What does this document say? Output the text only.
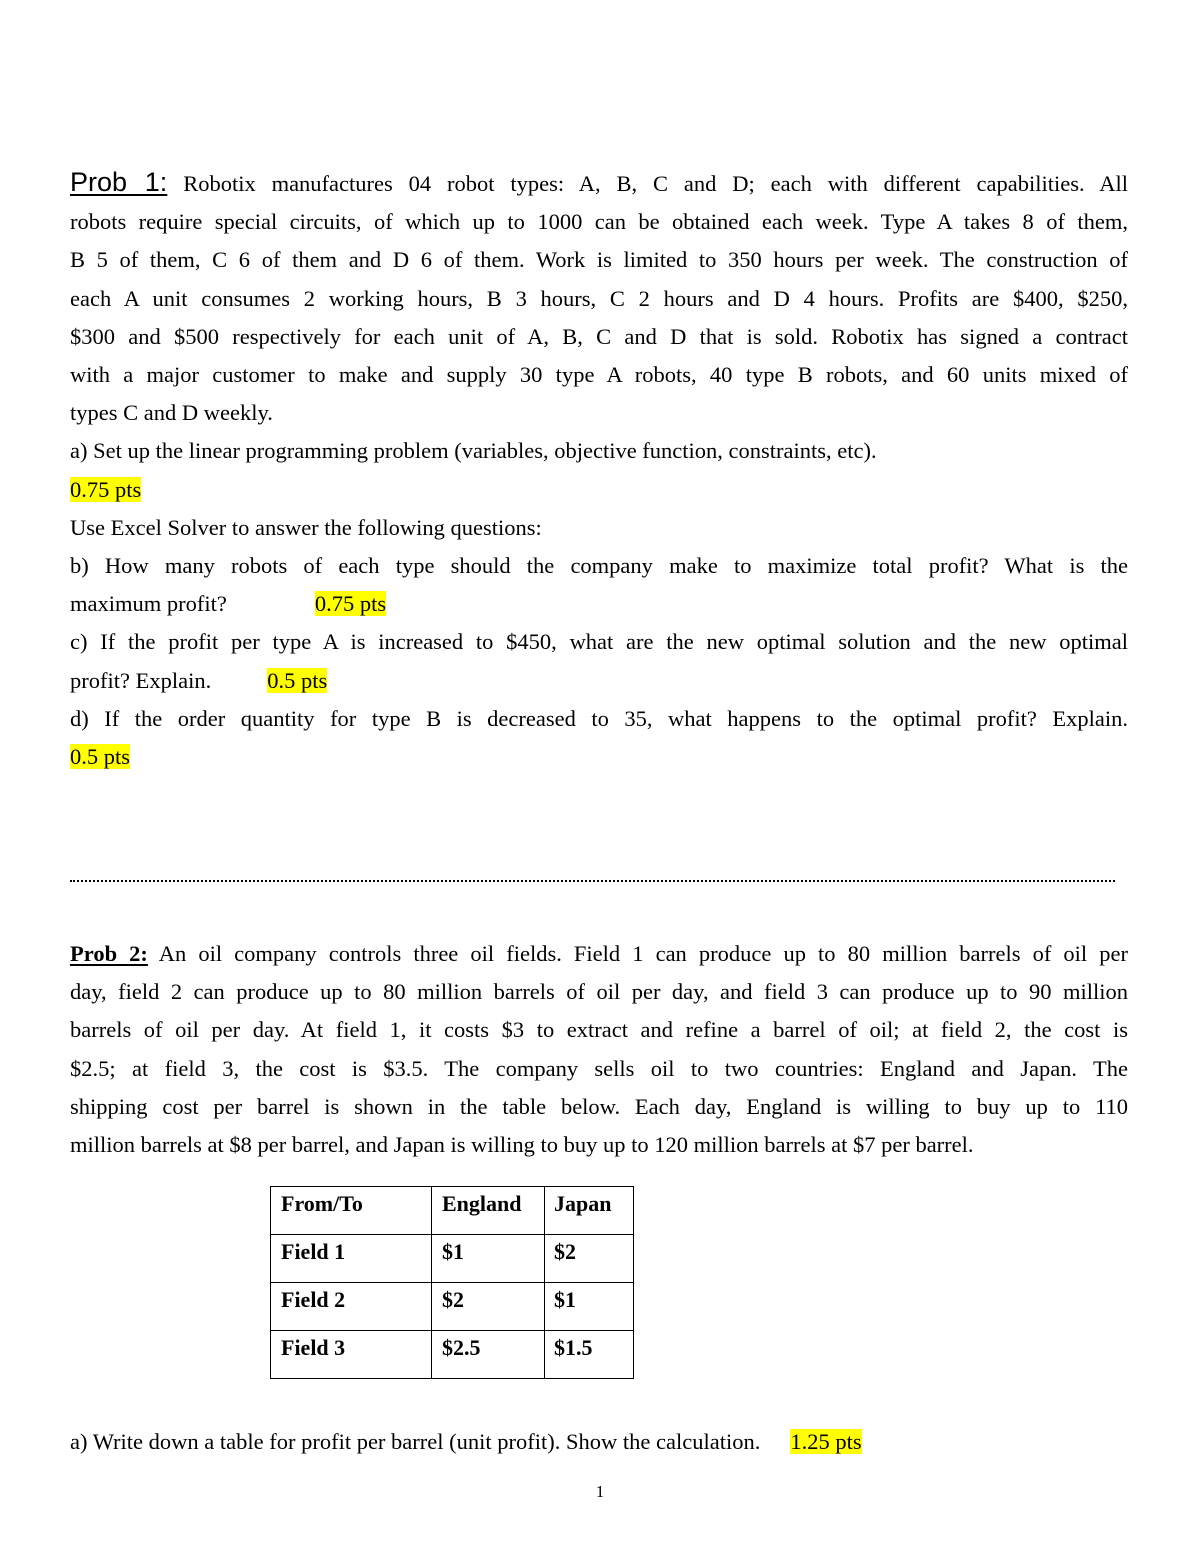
Prob 1: Robotix manufactures 04 robot types: A, B, C and D; each with different capabilities. All
robots require special circuits, of which up to 1000 can be obtained each week. Type A takes 8 of them,
B 5 of them, C 6 of them and D 6 of them. Work is limited to 350 hours per week. The construction of
each A unit consumes 2 working hours, B 3 hours, C 2 hours and D 4 hours. Profits are $400, $250,
$300 and $500 respectively for each unit of A, B, C and D that is sold. Robotix has signed a contract
with a major customer to make and supply 30 type A robots, 40 type B robots, and 60 units mixed of
types C and D weekly.
a) Set up the linear programming problem (variables, objective function, constraints, etc).
0.75 pts
Use Excel Solver to answer the following questions:
b) How many robots of each type should the company make to maximize total profit? What is the
maximum profit?	0.75 pts
c) If the profit per type A is increased to $450, what are the new optimal solution and the new optimal
profit? Explain. 0.5 pts
d) If the order quantity for type B is decreased to 35, what happens to the optimal profit? Explain.
0.5 pts

Prob 2: An oil company controls three oil fields. Field 1 can produce up to 80 million barrels of oil per
day, field 2 can produce up to 80 million barrels of oil per day, and field 3 can produce up to 90 million
barrels of oil per day. At field 1, it costs $3 to extract and refine a barrel of oil; at field 2, the cost is
$2.5; at field 3, the cost is $3.5. The company sells oil to two countries: England and Japan. The
shipping cost per barrel is shown in the table below. Each day, England is willing to buy up to 110
million barrels at $8 per barrel, and Japan is willing to buy up to 120 million barrels at $7 per barrel.

From/To	England	Japan
Field 1	$1	$2
Field 2	$2	$1
Field 3	$2.5	$1.5
a) Write down a table for profit per barrel (unit profit). Show the calculation. 1.25 pts
1
